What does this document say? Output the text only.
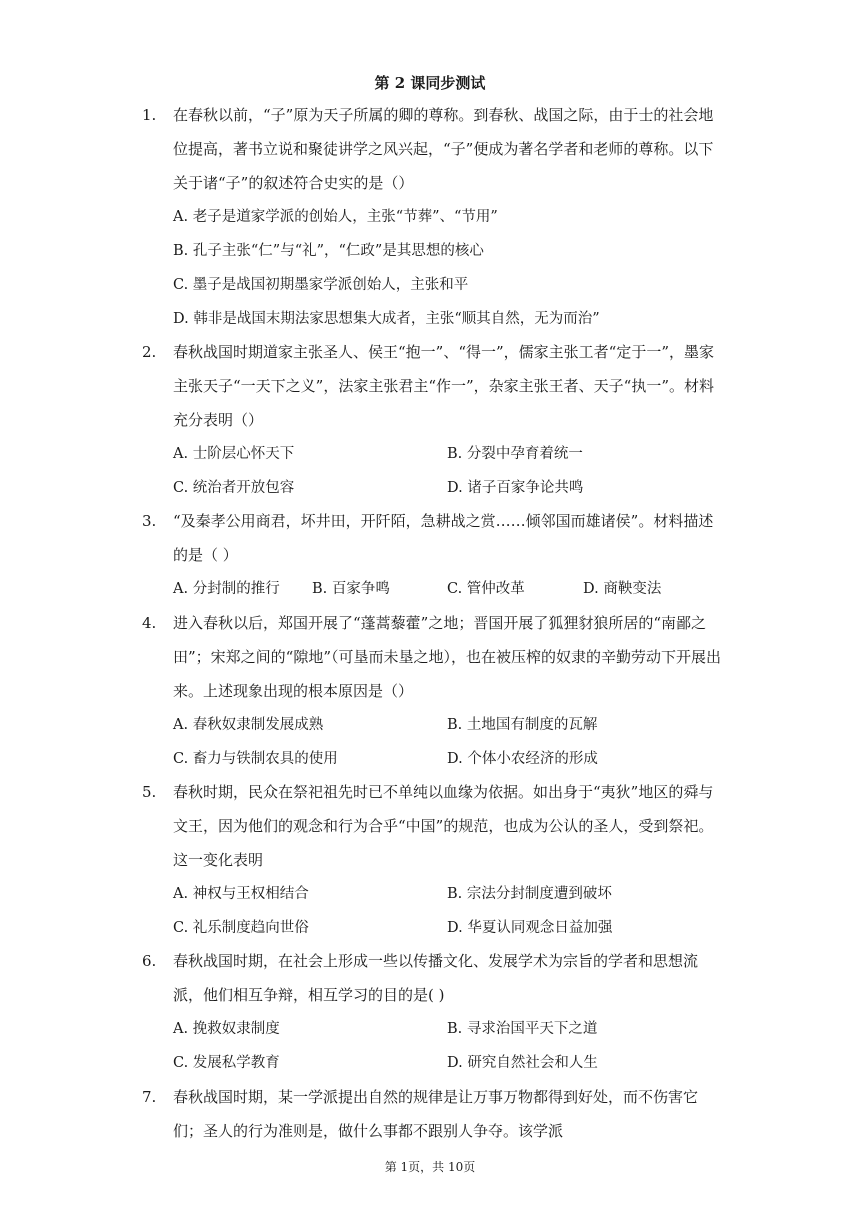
第 2 课同步测试
1. 在春秋以前，“子”原为天子所属的卿的尊称。到春秋、战国之际，由于士的社会地位提高，著书立说和聚徒讲学之风兴起，“子”便成为著名学者和老师的尊称。以下关于诸“子”的叙述符合史实的是（）
A. 老子是道家学派的创始人，主张“节葬”、“节用”
B. 孔子主张“仁”与“礼”，“仁政”是其思想的核心
C. 墨子是战国初期墨家学派创始人，主张和平
D. 韩非是战国末期法家思想集大成者，主张“顺其自然，无为而治”
2. 春秋战国时期道家主张圣人、侯王“抱一”、“得一”，儒家主张工者“定于一”，墨家主张天子“一天下之义”，法家主张君主“作一”，杂家主张王者、天子“执一”。材料充分表明（）
A. 士阶层心怀天下	B. 分裂中孕育着统一
C. 统治者开放包容	D. 诸子百家争论共鸣
3. “及秦孝公用商君，坏井田，开阡陌，急耕战之赏……倾邻国而雄诸侯”。材料描述的是（ ）
A. 分封制的推行 B. 百家争鸣	C. 管仲改革	D. 商鞅变法
4. 进入春秋以后，郑国开展了“蓬蒿藜藿”之地；晋国开展了狐狸豺狼所居的“南鄙之田”；宋郑之间的“隙地”（可垦而未垦之地），也在被压榨的奴隶的辛勤劳动下开展出来。上述现象出现的根本原因是（）
A. 春秋奴隶制发展成熟	B. 土地国有制度的瓦解
C. 畜力与铁制农具的使用	D. 个体小农经济的形成
5. 春秋时期，民众在祭祀祖先时已不单纯以血缘为依据。如出身于“夷狄”地区的舜与文王，因为他们的观念和行为合乎“中国”的规范，也成为公认的圣人，受到祭祀。这一变化表明
A. 神权与王权相结合	B. 宗法分封制度遭到破坏
C. 礼乐制度趋向世俗	D. 华夏认同观念日益加强
6. 春秋战国时期，在社会上形成一些以传播文化、发展学术为宗旨的学者和思想流派，他们相互争辩，相互学习的目的是( )
A. 挽救奴隶制度	B. 寻求治国平天下之道
C. 发展私学教育	D. 研究自然社会和人生
7. 春秋战国时期，某一学派提出自然的规律是让万事万物都得到好处，而不伤害它们；圣人的行为准则是，做什么事都不跟别人争夺。该学派
第 1页，共 10页
